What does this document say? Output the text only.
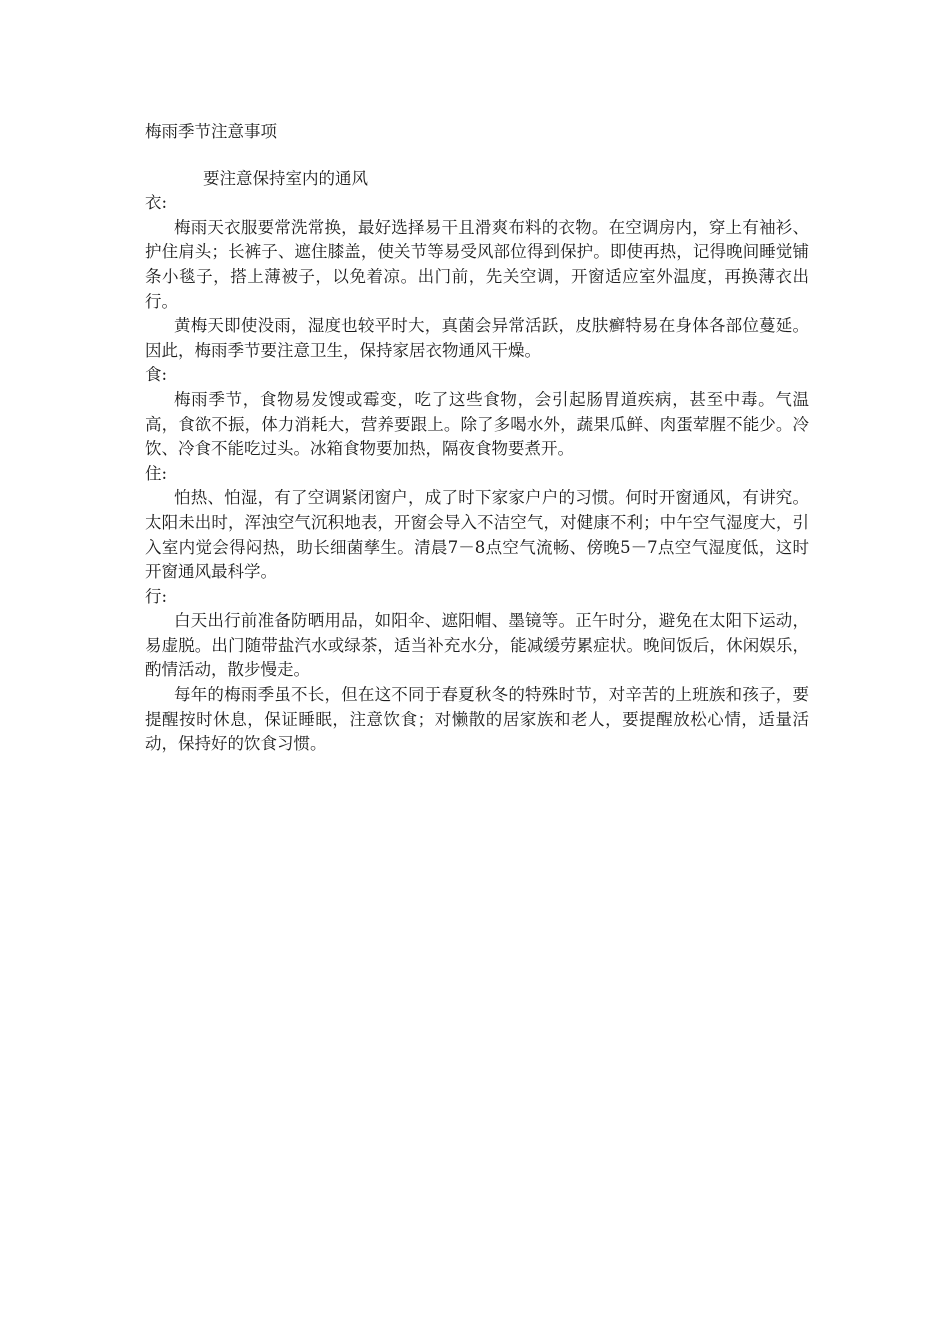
梅雨季节注意事项

要注意保持室内的通风

衣:

梅雨天衣服要常洗常换，最好选择易干且滑爽布料的衣物。在空调房内，穿上有袖衫、护住肩头；长裤子、遮住膝盖，使关节等易受风部位得到保护。即使再热，记得晚间睡觉铺条小毯子，搭上薄被子，以免着凉。出门前，先关空调，开窗适应室外温度，再换薄衣出行。

黄梅天即使没雨，湿度也较平时大，真菌会异常活跃，皮肤癣特易在身体各部位蔓延。因此，梅雨季节要注意卫生，保持家居衣物通风干燥。

食:

梅雨季节，食物易发馊或霉变，吃了这些食物，会引起肠胃道疾病，甚至中毒。气温高，食欲不振，体力消耗大，营养要跟上。除了多喝水外，蔬果瓜鲜、肉蛋荤腥不能少。冷饮、冷食不能吃过头。冰箱食物要加热，隔夜食物要煮开。

住:

怕热、怕湿，有了空调紧闭窗户，成了时下家家户户的习惯。何时开窗通风，有讲究。太阳未出时，浑浊空气沉积地表，开窗会导入不洁空气，对健康不利；中午空气湿度大，引入室内觉会得闷热，助长细菌孳生。清晨7－8点空气流畅、傍晚5－7点空气湿度低，这时开窗通风最科学。

行:

白天出行前准备防晒用品，如阳伞、遮阳帽、墨镜等。正午时分，避免在太阳下运动，易虚脱。出门随带盐汽水或绿茶，适当补充水分，能减缓劳累症状。晚间饭后，休闲娱乐，酌情活动，散步慢走。

每年的梅雨季虽不长，但在这不同于春夏秋冬的特殊时节，对辛苦的上班族和孩子，要提醒按时休息，保证睡眠，注意饮食；对懒散的居家族和老人，要提醒放松心情，适量活动，保持好的饮食习惯。
